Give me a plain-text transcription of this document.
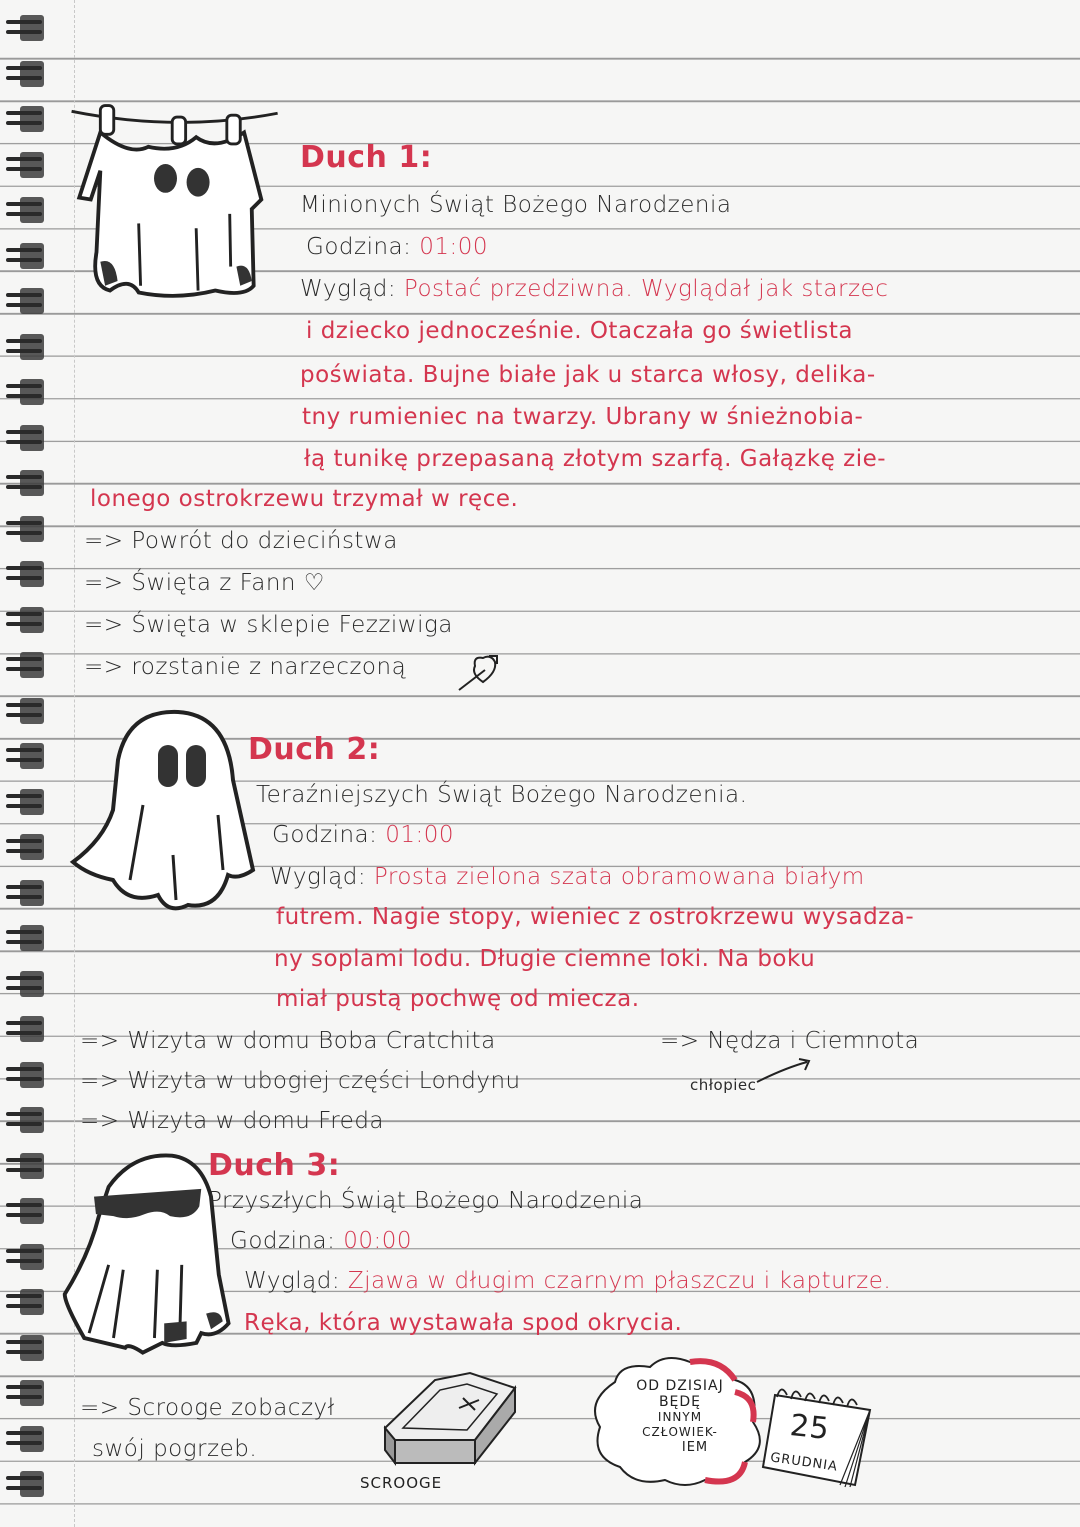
Duch 1:
Minionych Świąt Bożego Narodzenia
Godzina: 01:00
Wygląd: Postać przedziwna. Wyglądał jak starzec
i dziecko jednocześnie. Otaczała go świetlista
poświata. Bujne białe jak u starca włosy, delika-
tny rumieniec na twarzy. Ubrany w śnieżnobia-
łą tunikę przepasaną złotym szarfą. Gałązkę zie-
lonego ostrokrzewu trzymał w ręce.
=> Powrót do dzieciństwa
=> Święta z Fann ♡
=> Święta w sklepie Fezziwiga
=> rozstanie z narzeczoną
Duch 2:
Teraźniejszych Świąt Bożego Narodzenia.
Godzina: 01:00
Wygląd: Prosta zielona szata obramowana białym
futrem. Nagie stopy, wieniec z ostrokrzewu wysadza-
ny soplami lodu. Długie ciemne loki. Na boku
miał pustą pochwę od miecza.
=> Wizyta w domu Boba Cratchita	=> Nędza i Ciemnota
=> Wizyta w ubogiej części Londynu	chłopiec
=> Wizyta w domu Freda
Duch 3:
Przyszłych Świąt Bożego Narodzenia
Godzina: 00:00
Wygląd: Zjawa w długim czarnym płaszczu i kapturze.
Ręka, która wystawała spod okrycia.
=> Scrooge zobaczył
swój pogrzeb.
SCROOGE
OD DZISIAJ
BĘDĘ
INNYM
CZŁOWIEK-
IEM
25
GRUDNIA
